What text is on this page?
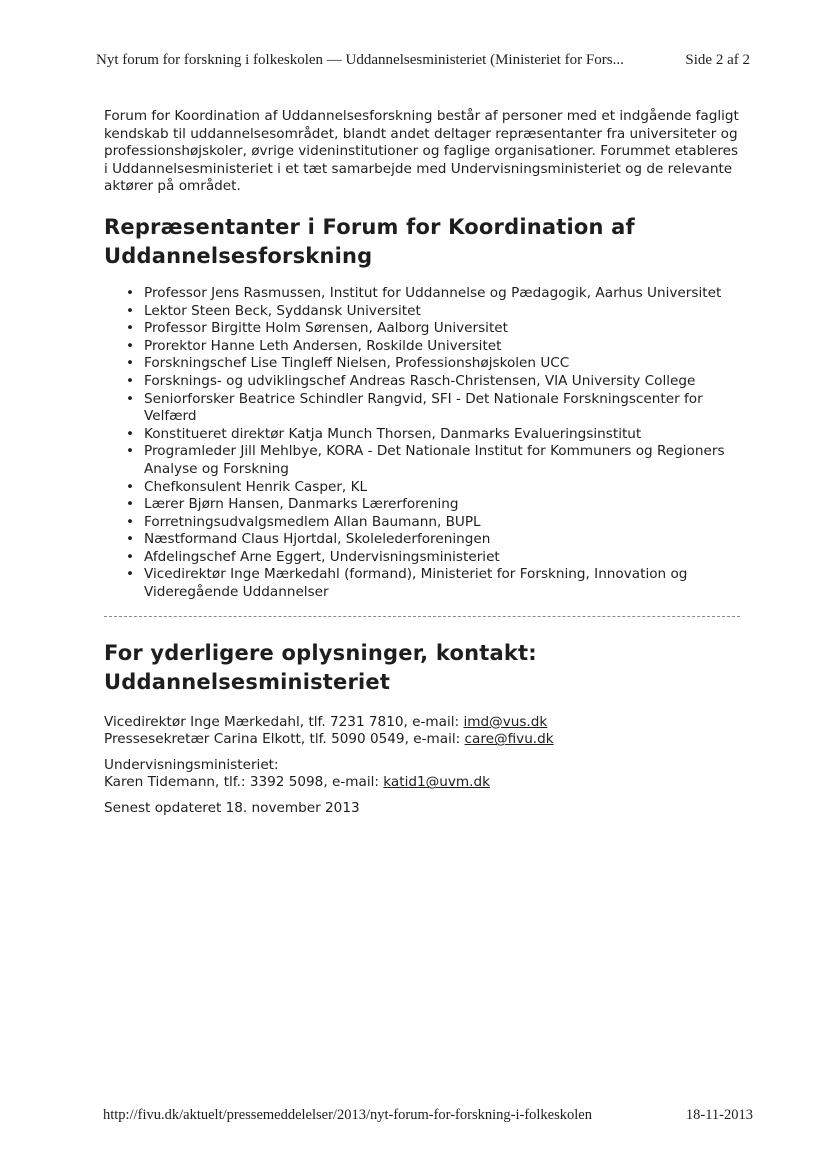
Nyt forum for forskning i folkeskolen — Uddannelsesministeriet (Ministeriet for Fors...	Side 2 af 2

Forum for Koordination af Uddannelsesforskning består af personer med et indgående fagligt kendskab til uddannelsesområdet, blandt andet deltager repræsentanter fra universiteter og professionshøjskoler, øvrige videninstitutioner og faglige organisationer. Forummet etableres i Uddannelsesministeriet i et tæt samarbejde med Undervisningsministeriet og de relevante aktører på området.

Repræsentanter i Forum for Koordination af Uddannelsesforskning
• Professor Jens Rasmussen, Institut for Uddannelse og Pædagogik, Aarhus Universitet
• Lektor Steen Beck, Syddansk Universitet
• Professor Birgitte Holm Sørensen, Aalborg Universitet
• Prorektor Hanne Leth Andersen, Roskilde Universitet
• Forskningschef Lise Tingleff Nielsen, Professionshøjskolen UCC
• Forsknings- og udviklingschef Andreas Rasch-Christensen, VIA University College
• Seniorforsker Beatrice Schindler Rangvid, SFI - Det Nationale Forskningscenter for Velfærd
• Konstitueret direktør Katja Munch Thorsen, Danmarks Evalueringsinstitut
• Programleder Jill Mehlbye, KORA - Det Nationale Institut for Kommuners og Regioners Analyse og Forskning
• Chefkonsulent Henrik Casper, KL
• Lærer Bjørn Hansen, Danmarks Lærerforening
• Forretningsudvalgsmedlem Allan Baumann, BUPL
• Næstformand Claus Hjortdal, Skolelederforeningen
• Afdelingschef Arne Eggert, Undervisningsministeriet
• Vicedirektør Inge Mærkedahl (formand), Ministeriet for Forskning, Innovation og Videregående Uddannelser
For yderligere oplysninger, kontakt: Uddannelsesministeriet

Vicedirektør Inge Mærkedahl, tlf. 7231 7810, e-mail: imd@vus.dk

Pressesekretær Carina Elkott, tlf. 5090 0549, e-mail: care@fivu.dk

Undervisningsministeriet:

Karen Tidemann, tlf.: 3392 5098, e-mail: katid1@uvm.dk

Senest opdateret 18. november 2013

http://fivu.dk/aktuelt/pressemeddelelser/2013/nyt-forum-for-forskning-i-folkeskolen	18-11-2013
